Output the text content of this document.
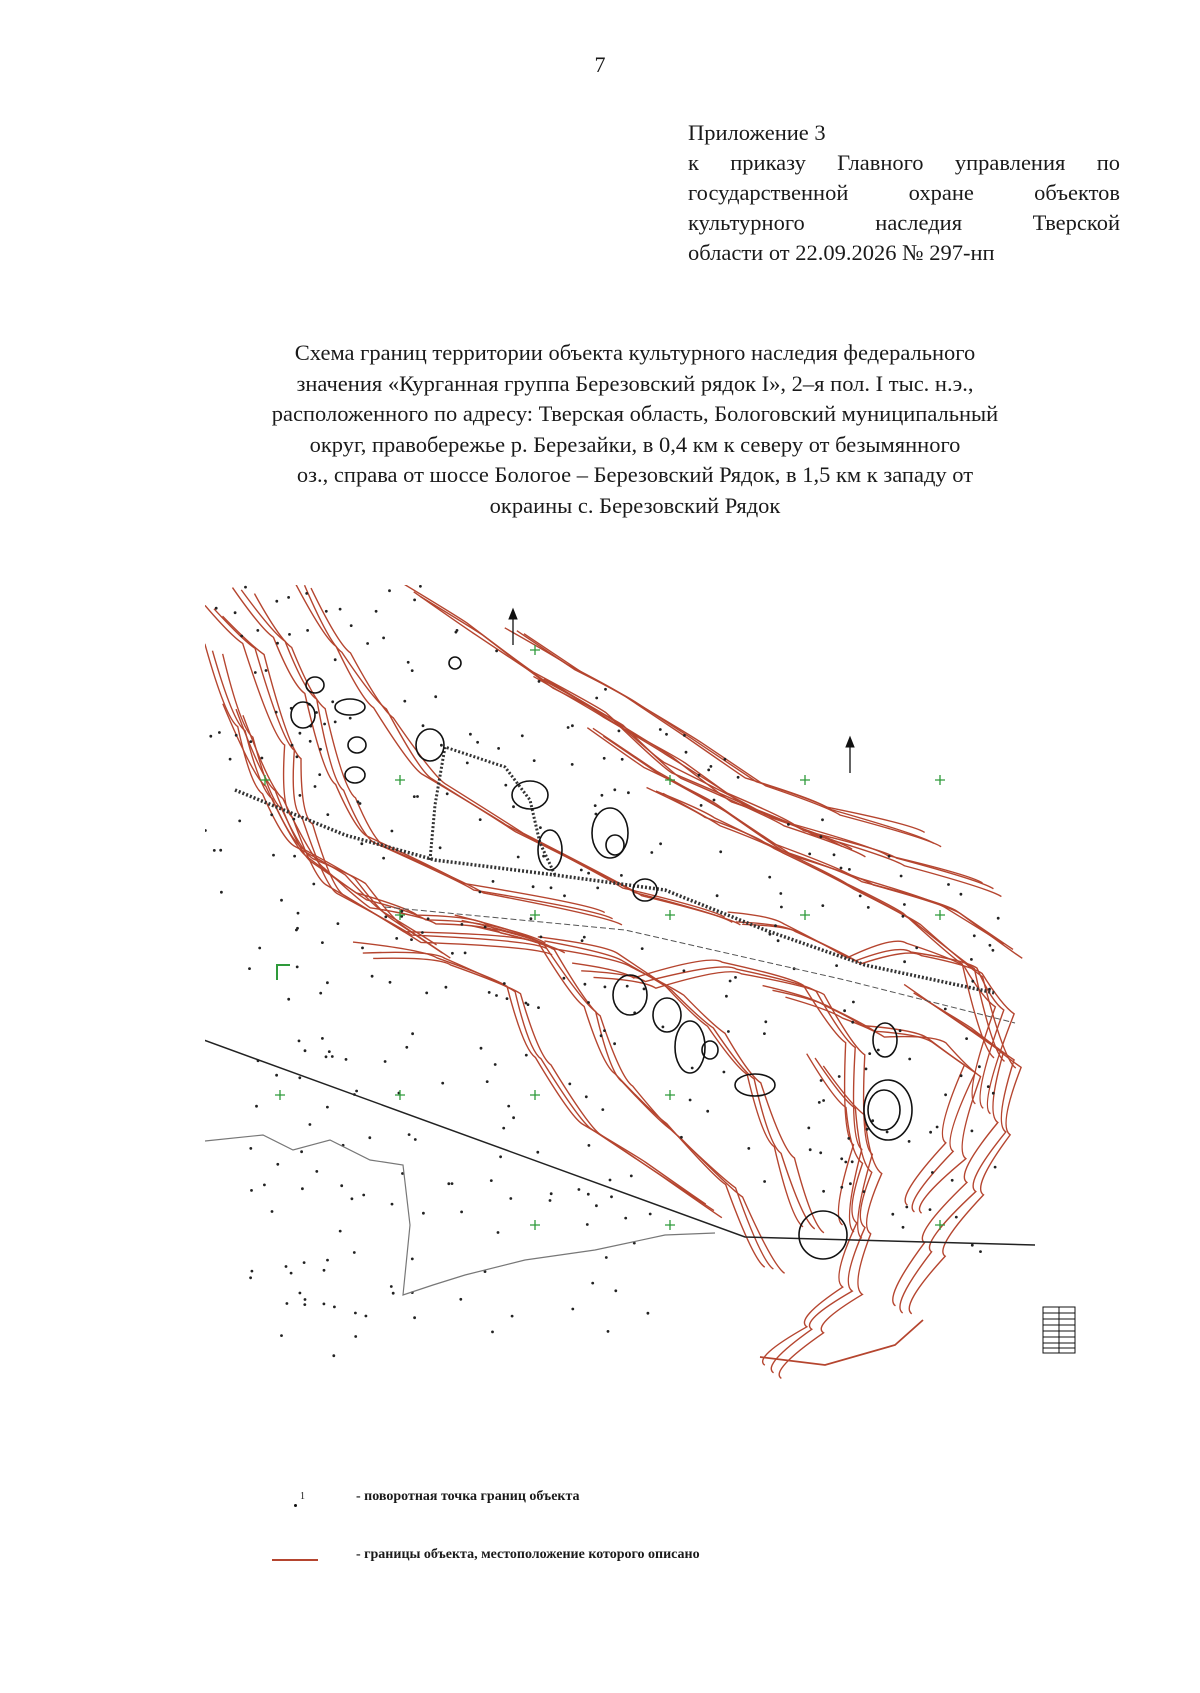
7
Приложение 3
к приказу Главного управления по
государственной охране объектов
культурного наследия Тверской
области от 22.09.2026 № 297-нп
Схема границ территории объекта культурного наследия федерального
значения «Курганная группа Березовский рядок I», 2–я пол. I тыс. н.э.,
расположенного по адресу: Тверская область, Бологовский муниципальный
округ, правобережье р. Березайки, в 0,4 км к северу от безымянного
оз., справа от шоссе Бологое – Березовский Рядок, в 1,5 км к западу от
окраины с. Березовский Рядок
1	- поворотная точка границ объекта
- границы объекта, местоположение которого описано
